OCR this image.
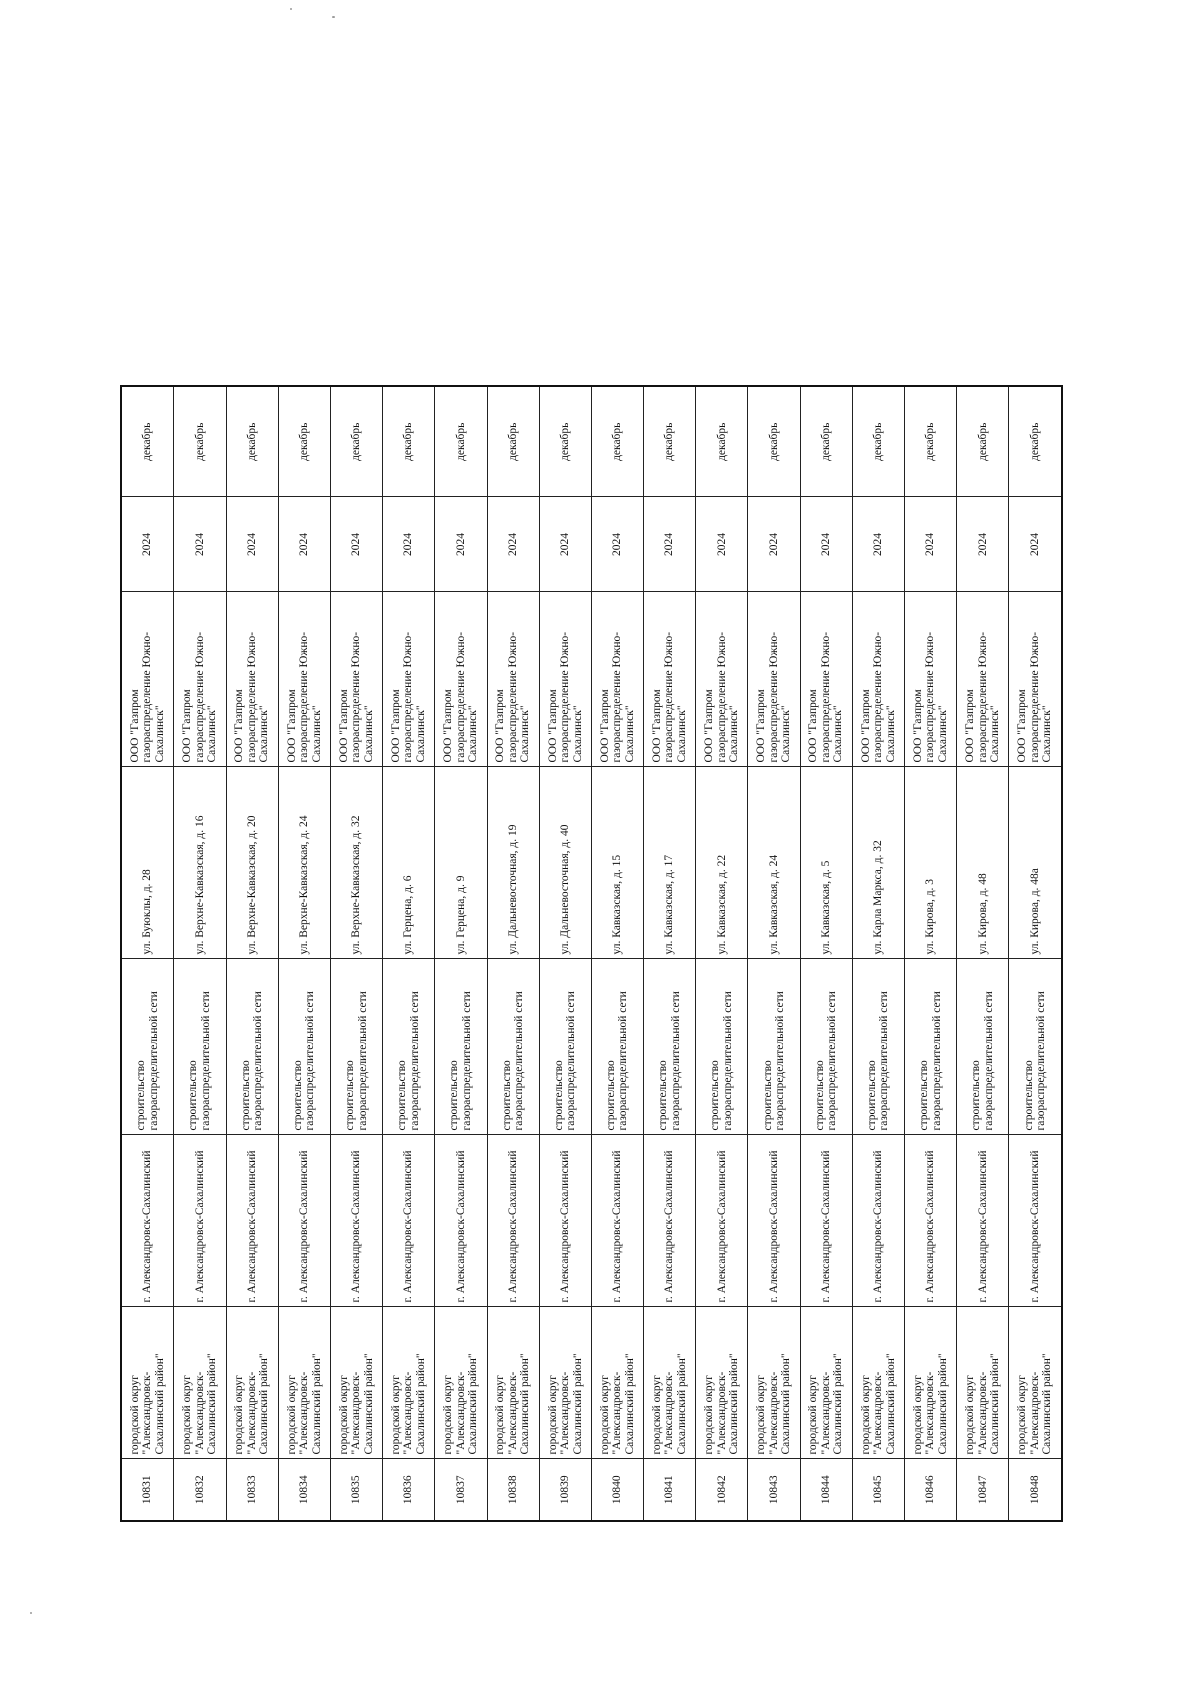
10831	городской округ "Александровск-Сахалинский район"	г. Александровск-Сахалинский	строительство газораспределительной сети	ул. Буюклы, д. 28	ООО "Газпром газораспределение Южно-Сахалинск"	2024	декабрь
10832	городской округ "Александровск-Сахалинский район"	г. Александровск-Сахалинский	строительство газораспределительной сети	ул. Верхне-Кавказская, д. 16	ООО "Газпром газораспределение Южно-Сахалинск"	2024	декабрь
10833	городской округ "Александровск-Сахалинский район"	г. Александровск-Сахалинский	строительство газораспределительной сети	ул. Верхне-Кавказская, д. 20	ООО "Газпром газораспределение Южно-Сахалинск"	2024	декабрь
10834	городской округ "Александровск-Сахалинский район"	г. Александровск-Сахалинский	строительство газораспределительной сети	ул. Верхне-Кавказская, д. 24	ООО "Газпром газораспределение Южно-Сахалинск"	2024	декабрь
10835	городской округ "Александровск-Сахалинский район"	г. Александровск-Сахалинский	строительство газораспределительной сети	ул. Верхне-Кавказская, д. 32	ООО "Газпром газораспределение Южно-Сахалинск"	2024	декабрь
10836	городской округ "Александровск-Сахалинский район"	г. Александровск-Сахалинский	строительство газораспределительной сети	ул. Герцена, д. 6	ООО "Газпром газораспределение Южно-Сахалинск"	2024	декабрь
10837	городской округ "Александровск-Сахалинский район"	г. Александровск-Сахалинский	строительство газораспределительной сети	ул. Герцена, д. 9	ООО "Газпром газораспределение Южно-Сахалинск"	2024	декабрь
10838	городской округ "Александровск-Сахалинский район"	г. Александровск-Сахалинский	строительство газораспределительной сети	ул. Дальневосточная, д. 19	ООО "Газпром газораспределение Южно-Сахалинск"	2024	декабрь
10839	городской округ "Александровск-Сахалинский район"	г. Александровск-Сахалинский	строительство газораспределительной сети	ул. Дальневосточная, д. 40	ООО "Газпром газораспределение Южно-Сахалинск"	2024	декабрь
10840	городской округ "Александровск-Сахалинский район"	г. Александровск-Сахалинский	строительство газораспределительной сети	ул. Кавказская, д. 15	ООО "Газпром газораспределение Южно-Сахалинск"	2024	декабрь
10841	городской округ "Александровск-Сахалинский район"	г. Александровск-Сахалинский	строительство газораспределительной сети	ул. Кавказская, д. 17	ООО "Газпром газораспределение Южно-Сахалинск"	2024	декабрь
10842	городской округ "Александровск-Сахалинский район"	г. Александровск-Сахалинский	строительство газораспределительной сети	ул. Кавказская, д. 22	ООО "Газпром газораспределение Южно-Сахалинск"	2024	декабрь
10843	городской округ "Александровск-Сахалинский район"	г. Александровск-Сахалинский	строительство газораспределительной сети	ул. Кавказская, д. 24	ООО "Газпром газораспределение Южно-Сахалинск"	2024	декабрь
10844	городской округ "Александровск-Сахалинский район"	г. Александровск-Сахалинский	строительство газораспределительной сети	ул. Кавказская, д. 5	ООО "Газпром газораспределение Южно-Сахалинск"	2024	декабрь
10845	городской округ "Александровск-Сахалинский район"	г. Александровск-Сахалинский	строительство газораспределительной сети	ул. Карла Маркса, д. 32	ООО "Газпром газораспределение Южно-Сахалинск"	2024	декабрь
10846	городской округ "Александровск-Сахалинский район"	г. Александровск-Сахалинский	строительство газораспределительной сети	ул. Кирова, д. 3	ООО "Газпром газораспределение Южно-Сахалинск"	2024	декабрь
10847	городской округ "Александровск-Сахалинский район"	г. Александровск-Сахалинский	строительство газораспределительной сети	ул. Кирова, д. 48	ООО "Газпром газораспределение Южно-Сахалинск"	2024	декабрь
10848	городской округ "Александровск-Сахалинский район"	г. Александровск-Сахалинский	строительство газораспределительной сети	ул. Кирова, д. 48а	ООО "Газпром газораспределение Южно-Сахалинск"	2024	декабрь
